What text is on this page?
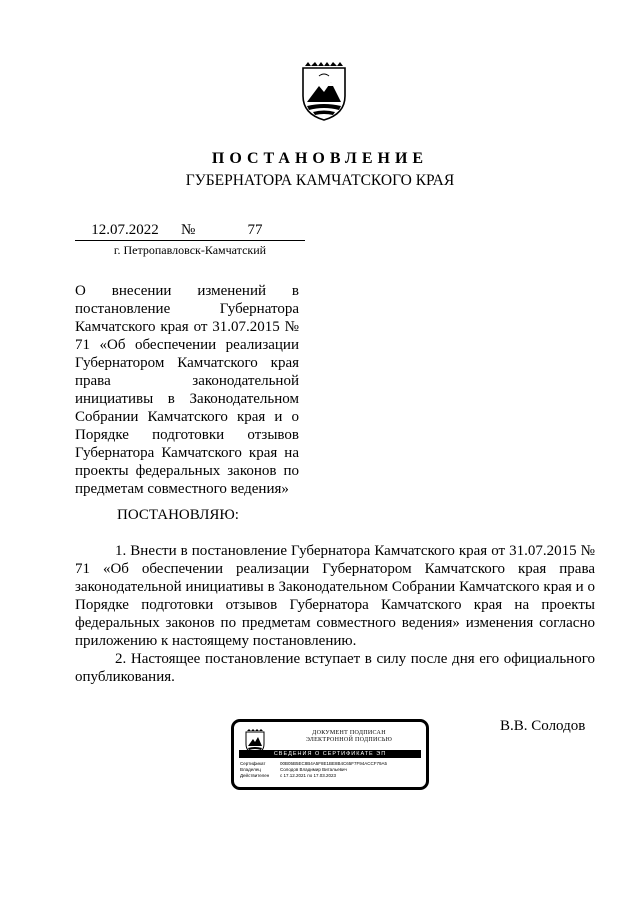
ПОСТАНОВЛЕНИЕ
ГУБЕРНАТОРА КАМЧАТСКОГО КРАЯ
12.07.2022	№	77
г. Петропавловск-Камчатский
О внесении изменений в постановление Губернатора Камчатского края от 31.07.2015 № 71 «Об обеспечении реализации Губернатором Камчатского края права законодательной инициативы в Законодательном Собрании Камчатского края и о Порядке подготовки отзывов Губернатора Камчатского края на проекты федеральных законов по предметам совместного ведения»
ПОСТАНОВЛЯЮ:

1. Внести в постановление Губернатора Камчатского края от 31.07.2015 № 71 «Об обеспечении реализации Губернатором Камчатского края права законодательной инициативы в Законодательном Собрании Камчатского края и о Порядке подготовки отзывов Губернатора Камчатского края на проекты федеральных законов по предметам совместного ведения» изменения согласно приложению к настоящему постановлению.

2. Настоящее постановление вступает в силу после дня его официального опубликования.

ДОКУМЕНТ ПОДПИСАН
ЭЛЕКТРОННОЙ ПОДПИСЬЮ
СВЕДЕНИЯ О СЕРТИФИКАТЕ ЭП
Сертификат	00B05B5EC8B4A5F8E1BE8B4C65F7F94ACCF79A5
Владелец	Солодов Владимир Витальевич
Действителен с 17.12.2021 по 17.03.2023
В.В. Солодов
